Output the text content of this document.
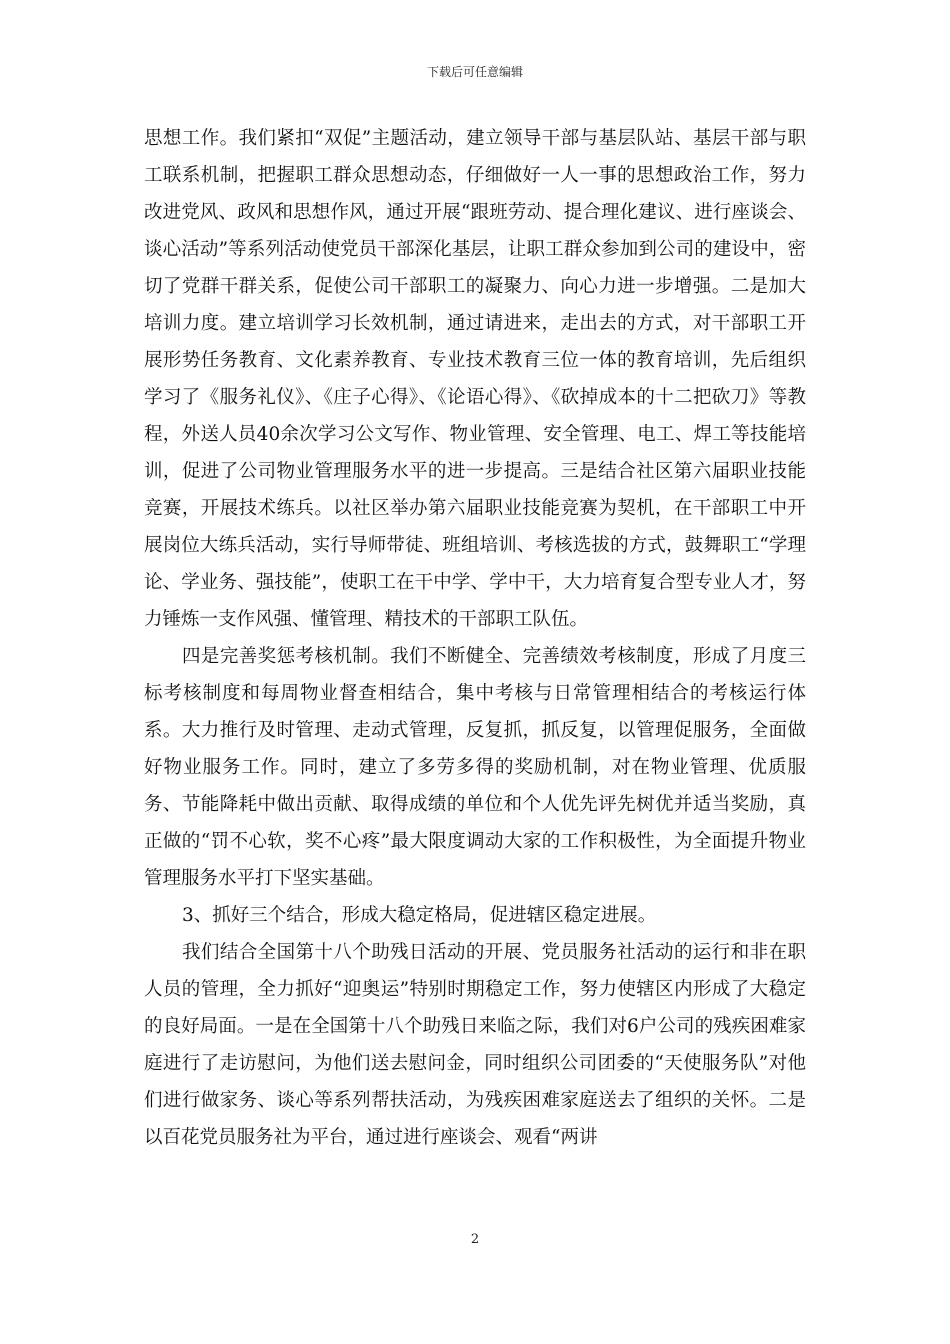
下载后可任意编辑

思想工作。我们紧扣“双促”主题活动，建立领导干部与基层队站、基层干部与职工联系机制，把握职工群众思想动态，仔细做好一人一事的思想政治工作，努力改进党风、政风和思想作风，通过开展“跟班劳动、提合理化建议、进行座谈会、谈心活动”等系列活动使党员干部深化基层，让职工群众参加到公司的建设中，密切了党群干群关系，促使公司干部职工的凝聚力、向心力进一步增强。二是加大培训力度。建立培训学习长效机制，通过请进来，走出去的方式，对干部职工开展形势任务教育、文化素养教育、专业技术教育三位一体的教育培训，先后组织学习了《服务礼仪》、《庄子心得》、《论语心得》、《砍掉成本的十二把砍刀》等教程，外送人员40余次学习公文写作、物业管理、安全管理、电工、焊工等技能培训，促进了公司物业管理服务水平的进一步提高。三是结合社区第六届职业技能竞赛，开展技术练兵。以社区举办第六届职业技能竞赛为契机，在干部职工中开展岗位大练兵活动，实行导师带徒、班组培训、考核选拔的方式，鼓舞职工“学理论、学业务、强技能”，使职工在干中学、学中干，大力培育复合型专业人才，努力锤炼一支作风强、懂管理、精技术的干部职工队伍。

四是完善奖惩考核机制。我们不断健全、完善绩效考核制度，形成了月度三标考核制度和每周物业督查相结合，集中考核与日常管理相结合的考核运行体系。大力推行及时管理、走动式管理，反复抓，抓反复，以管理促服务，全面做好物业服务工作。同时，建立了多劳多得的奖励机制，对在物业管理、优质服务、节能降耗中做出贡献、取得成绩的单位和个人优先评先树优并适当奖励，真正做的“罚不心软，奖不心疼”最大限度调动大家的工作积极性，为全面提升物业管理服务水平打下坚实基础。

3、抓好三个结合，形成大稳定格局，促进辖区稳定进展。

我们结合全国第十八个助残日活动的开展、党员服务社活动的运行和非在职人员的管理，全力抓好“迎奥运”特别时期稳定工作，努力使辖区内形成了大稳定的良好局面。一是在全国第十八个助残日来临之际，我们对6户公司的残疾困难家庭进行了走访慰问，为他们送去慰问金，同时组织公司团委的“天使服务队”对他们进行做家务、谈心等系列帮扶活动，为残疾困难家庭送去了组织的关怀。二是以百花党员服务社为平台，通过进行座谈会、观看“两讲

2
